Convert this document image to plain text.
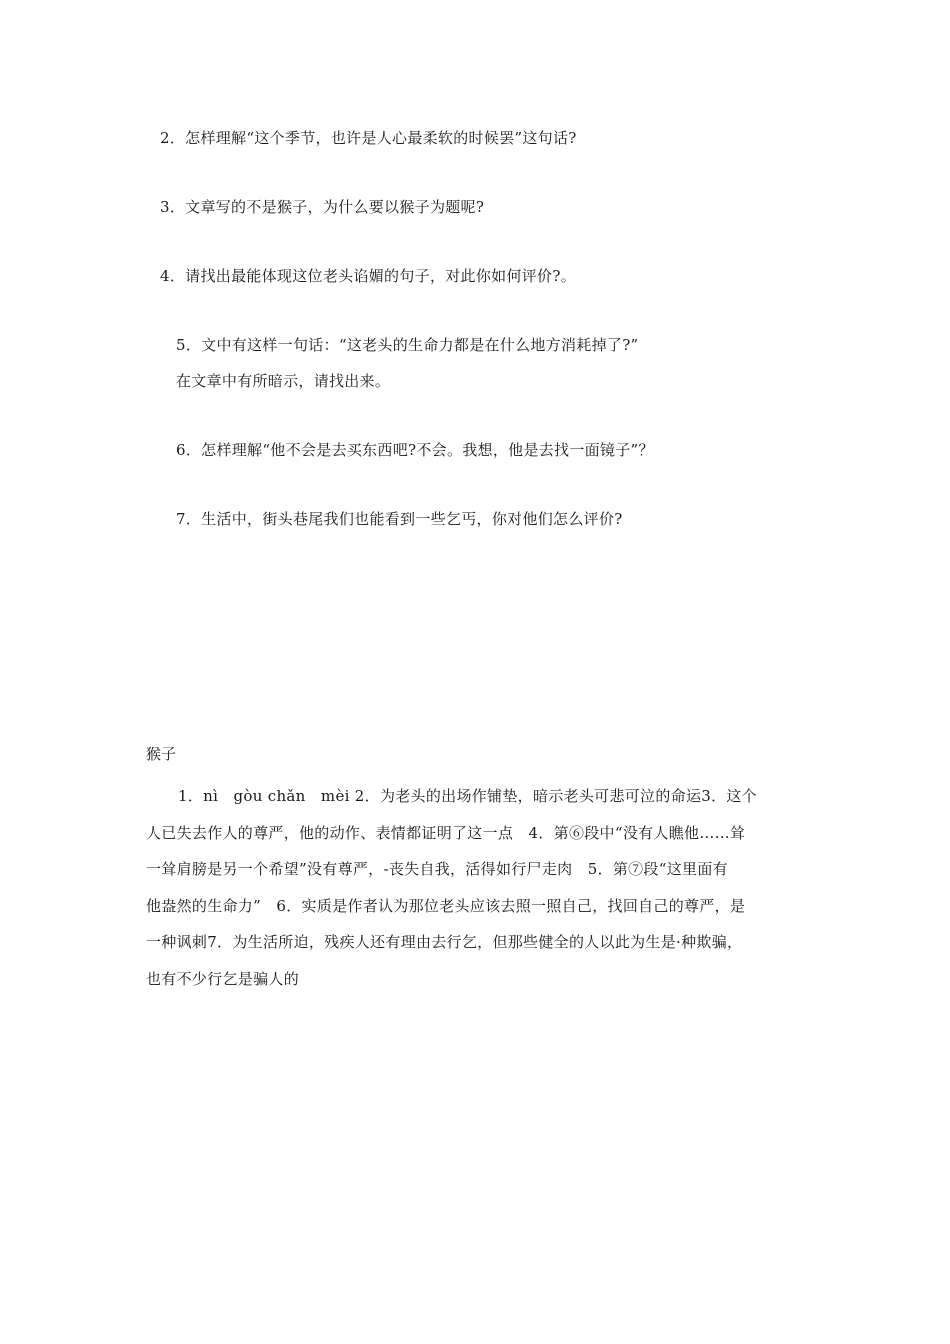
2．怎样理解“这个季节，也许是人心最柔软的时候罢”这句话?
3．文章写的不是猴子，为什么要以猴子为题呢?
4．请找出最能体现这位老头谄媚的句子，对此你如何评价?。
5．文中有这样一句话：“这老头的生命力都是在什么地方消耗掉了?”
在文章中有所暗示，请找出来。
6．怎样理解“他不会是去买东西吧?不会。我想，他是去找一面镜子”？
7．生活中，街头巷尾我们也能看到一些乞丐，你对他们怎么评价?
猴子
1．nì　gòu chǎn　mèi 2．为老头的出场作铺垫，暗示老头可悲可泣的命运3．这个
人已失去作人的尊严，他的动作、表情都证明了这一点　4．第⑥段中“没有人瞧他……耸
一耸肩膀是另一个希望”没有尊严，-丧失自我，活得如行尸走肉　5．第⑦段“这里面有
他盎然的生命力”　6．实质是作者认为那位老头应该去照一照自己，找回自己的尊严，是
一种讽刺7．为生活所迫，残疾人还有理由去行乞，但那些健全的人以此为生是·种欺骗，
也有不少行乞是骗人的
